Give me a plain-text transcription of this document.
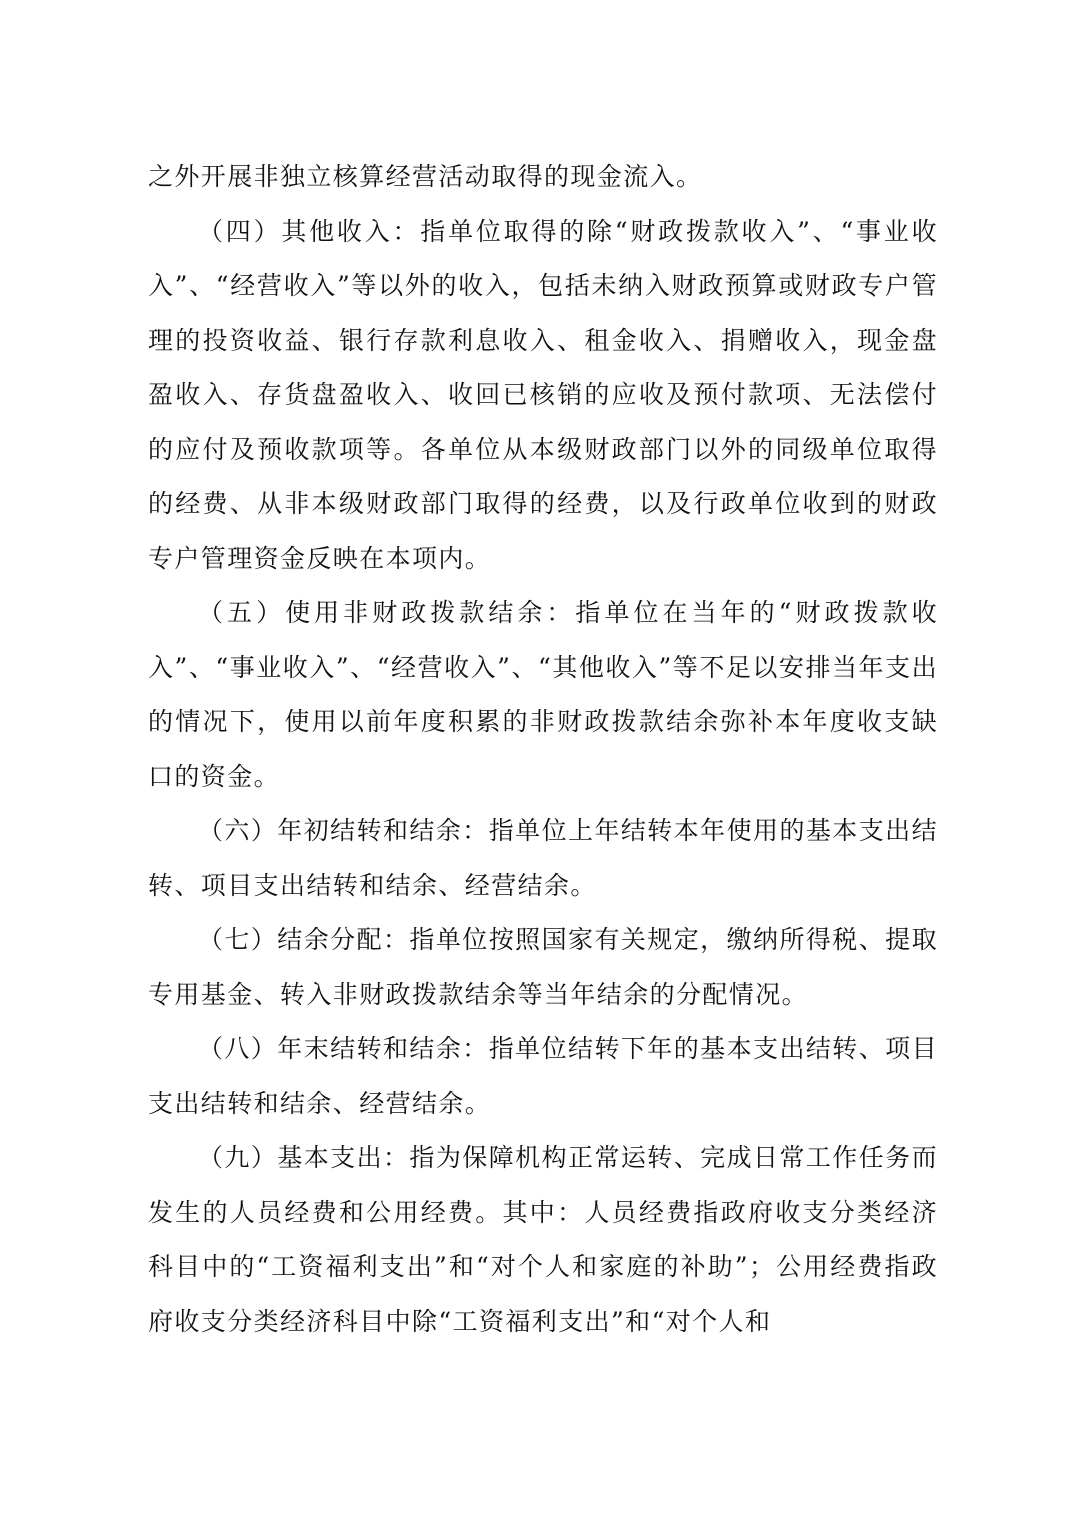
之外开展非独立核算经营活动取得的现金流入。

（四）其他收入：指单位取得的除“财政拨款收入”、“事业收入”、“经营收入”等以外的收入，包括未纳入财政预算或财政专户管理的投资收益、银行存款利息收入、租金收入、捐赠收入，现金盘盈收入、存货盘盈收入、收回已核销的应收及预付款项、无法偿付的应付及预收款项等。各单位从本级财政部门以外的同级单位取得的经费、从非本级财政部门取得的经费，以及行政单位收到的财政专户管理资金反映在本项内。

（五）使用非财政拨款结余：指单位在当年的“财政拨款收入”、“事业收入”、“经营收入”、“其他收入”等不足以安排当年支出的情况下，使用以前年度积累的非财政拨款结余弥补本年度收支缺口的资金。

（六）年初结转和结余：指单位上年结转本年使用的基本支出结转、项目支出结转和结余、经营结余。

（七）结余分配：指单位按照国家有关规定，缴纳所得税、提取专用基金、转入非财政拨款结余等当年结余的分配情况。

（八）年末结转和结余：指单位结转下年的基本支出结转、项目支出结转和结余、经营结余。

（九）基本支出：指为保障机构正常运转、完成日常工作任务而发生的人员经费和公用经费。其中：人员经费指政府收支分类经济科目中的“工资福利支出”和“对个人和家庭的补助”；公用经费指政府收支分类经济科目中除“工资福利支出”和“对个人和
